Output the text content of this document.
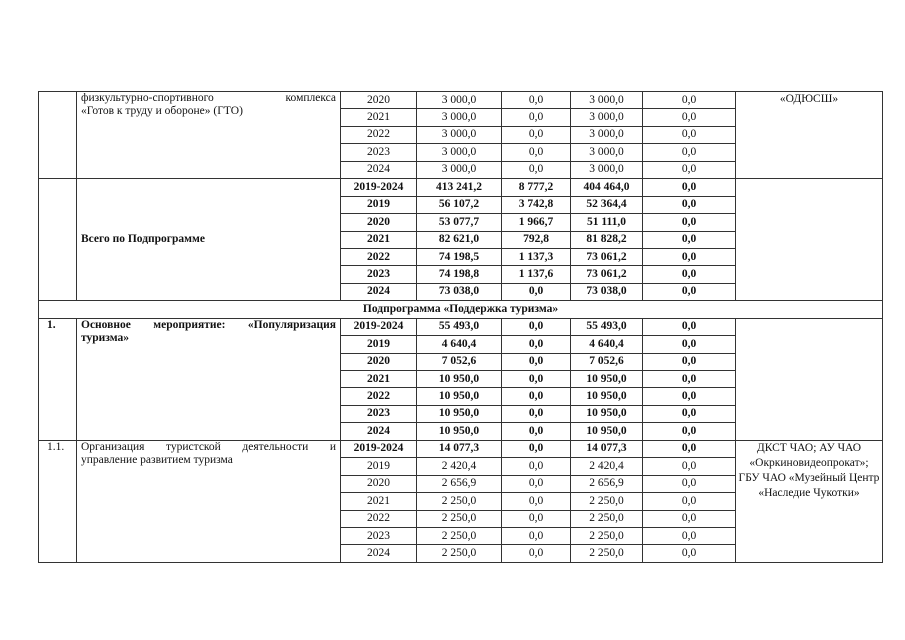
	физкультурно-спортивного комплекса
«Готов к труду и обороне» (ГТО)	2020	3 000,0	0,0	3 000,0	0,0	«ОДЮСШ»
		2021	3 000,0	0,0	3 000,0	0,0	
		2022	3 000,0	0,0	3 000,0	0,0	
		2023	3 000,0	0,0	3 000,0	0,0	
		2024	3 000,0	0,0	3 000,0	0,0	
	Всего по Подпрограмме	2019-2024	413 241,2	8 777,2	404 464,0	0,0	
		2019	56 107,2	3 742,8	52 364,4	0,0	
		2020	53 077,7	1 966,7	51 111,0	0,0	
		2021	82 621,0	792,8	81 828,2	0,0	
		2022	74 198,5	1 137,3	73 061,2	0,0	
		2023	74 198,8	1 137,6	73 061,2	0,0	
		2024	73 038,0	0,0	73 038,0	0,0	
Подпрограмма «Поддержка туризма»							
1.	Основное мероприятие: «Популяризация
туризма»	2019-2024	55 493,0	0,0	55 493,0	0,0	
		2019	4 640,4	0,0	4 640,4	0,0	
		2020	7 052,6	0,0	7 052,6	0,0	
		2021	10 950,0	0,0	10 950,0	0,0	
		2022	10 950,0	0,0	10 950,0	0,0	
		2023	10 950,0	0,0	10 950,0	0,0	
		2024	10 950,0	0,0	10 950,0	0,0	
1.1.	Организация туристской деятельности и
управление развитием туризма	2019-2024	14 077,3	0,0	14 077,3	0,0	ДКСТ ЧАО; АУ ЧАО «Окркиновидеопрокат»; ГБУ ЧАО «Музейный Центр «Наследие Чукотки»
		2019	2 420,4	0,0	2 420,4	0,0	
		2020	2 656,9	0,0	2 656,9	0,0	
		2021	2 250,0	0,0	2 250,0	0,0	
		2022	2 250,0	0,0	2 250,0	0,0	
		2023	2 250,0	0,0	2 250,0	0,0	
		2024	2 250,0	0,0	2 250,0	0,0	
